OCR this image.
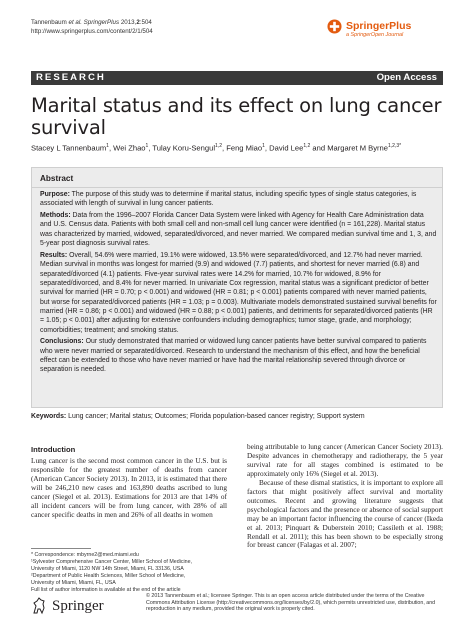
Tannenbaum et al. SpringerPlus 2013,2:504
http://www.springerplus.com/content/2/1/504	SpringerPlus
a SpringerOpen Journal
RESEARCH	Open Access
Marital status and its effect on lung cancer survival
Stacey L Tannenbaum$^1$, Wei Zhao$^1$, Tulay Koru-Sengul$^{1,2}$, Feng Miao$^1$, David Lee$^{1,2}$ and Margaret M Byrne$^{1,2,3*}$
Abstract

Purpose: The purpose of this study was to determine if marital status, including specific types of single status categories, is associated with length of survival in lung cancer patients.

Methods: Data from the 1996–2007 Florida Cancer Data System were linked with Agency for Health Care Administration data and U.S. Census data. Patients with both small cell and non-small cell lung cancer were identified (n = 161,228). Marital status was characterized by married, widowed, separated/divorced, and never married. We compared median survival time and 1, 3, and 5-year post diagnosis survival rates.

Results: Overall, 54.6% were married, 19.1% were widowed, 13.5% were separated/divorced, and 12.7% had never married. Median survival in months was longest for married (9.9) and widowed (7.7) patients, and shortest for never married (6.8) and separated/divorced (4.1) patients. Five-year survival rates were 14.2% for married, 10.7% for widowed, 8.9% for separated/divorced, and 8.4% for never married. In univariate Cox regression, marital status was a significant predictor of better survival for married (HR = 0.70; p < 0.001) and widowed (HR = 0.81; p < 0.001) patients compared with never married patients, but worse for separated/divorced patients (HR = 1.03; p = 0.003). Multivariate models demonstrated sustained survival benefits for married (HR = 0.86; p < 0.001) and widowed (HR = 0.88; p < 0.001) patients, and detriments for separated/divorced patients (HR = 1.05; p < 0.001) after adjusting for extensive confounders including demographics; tumor stage, grade, and morphology; comorbidities; treatment; and smoking status.

Conclusions: Our study demonstrated that married or widowed lung cancer patients have better survival compared to patients who were never married or separated/divorced. Research to understand the mechanism of this effect, and how the beneficial effect can be extended to those who have never married or have had the marital relationship severed through divorce or separation is needed.

Keywords: Lung cancer; Marital status; Outcomes; Florida population-based cancer registry; Support system
Introduction

Lung cancer is the second most common cancer in the U.S. but is responsible for the greatest number of deaths from cancer (American Cancer Society 2013). In 2013, it is estimated that there will be 246,210 new cases and 163,890 deaths ascribed to lung cancer (Siegel et al. 2013). Estimations for 2013 are that 14% of all incident cancers will be from lung cancer, with 28% of all cancer specific deaths in men and 26% of all deaths in women

being attributable to lung cancer (American Cancer Society 2013). Despite advances in chemotherapy and radiotherapy, the 5 year survival rate for all stages combined is estimated to be approximately only 16% (Siegel et al. 2013).

Because of these dismal statistics, it is important to explore all factors that might positively affect survival and mortality outcomes. Recent and growing literature suggests that psychological factors and the presence or absence of social support may be an important factor influencing the course of cancer (Ikeda et al. 2013; Pinquart & Duberstein 2010; Cassileth et al. 1988; Rendall et al. 2011); this has been shown to be especially strong for breast cancer (Falagas et al. 2007;

* Correspondence: mbyrne2@med.miami.edu
¹Sylvester Comprehensive Cancer Center, Miller School of Medicine,
University of Miami, 1120 NW 14th Street, Miami, FL 33136, USA
²Department of Public Health Sciences, Miller School of Medicine,
University of Miami, Miami, FL, USA
Full list of author information is available at the end of the article
Springer
© 2013 Tannenbaum et al.; licensee Springer. This is an open access article distributed under the terms of the Creative Commons Attribution License (http://creativecommons.org/licenses/by/2.0), which permits unrestricted use, distribution, and reproduction in any medium, provided the original work is properly cited.
